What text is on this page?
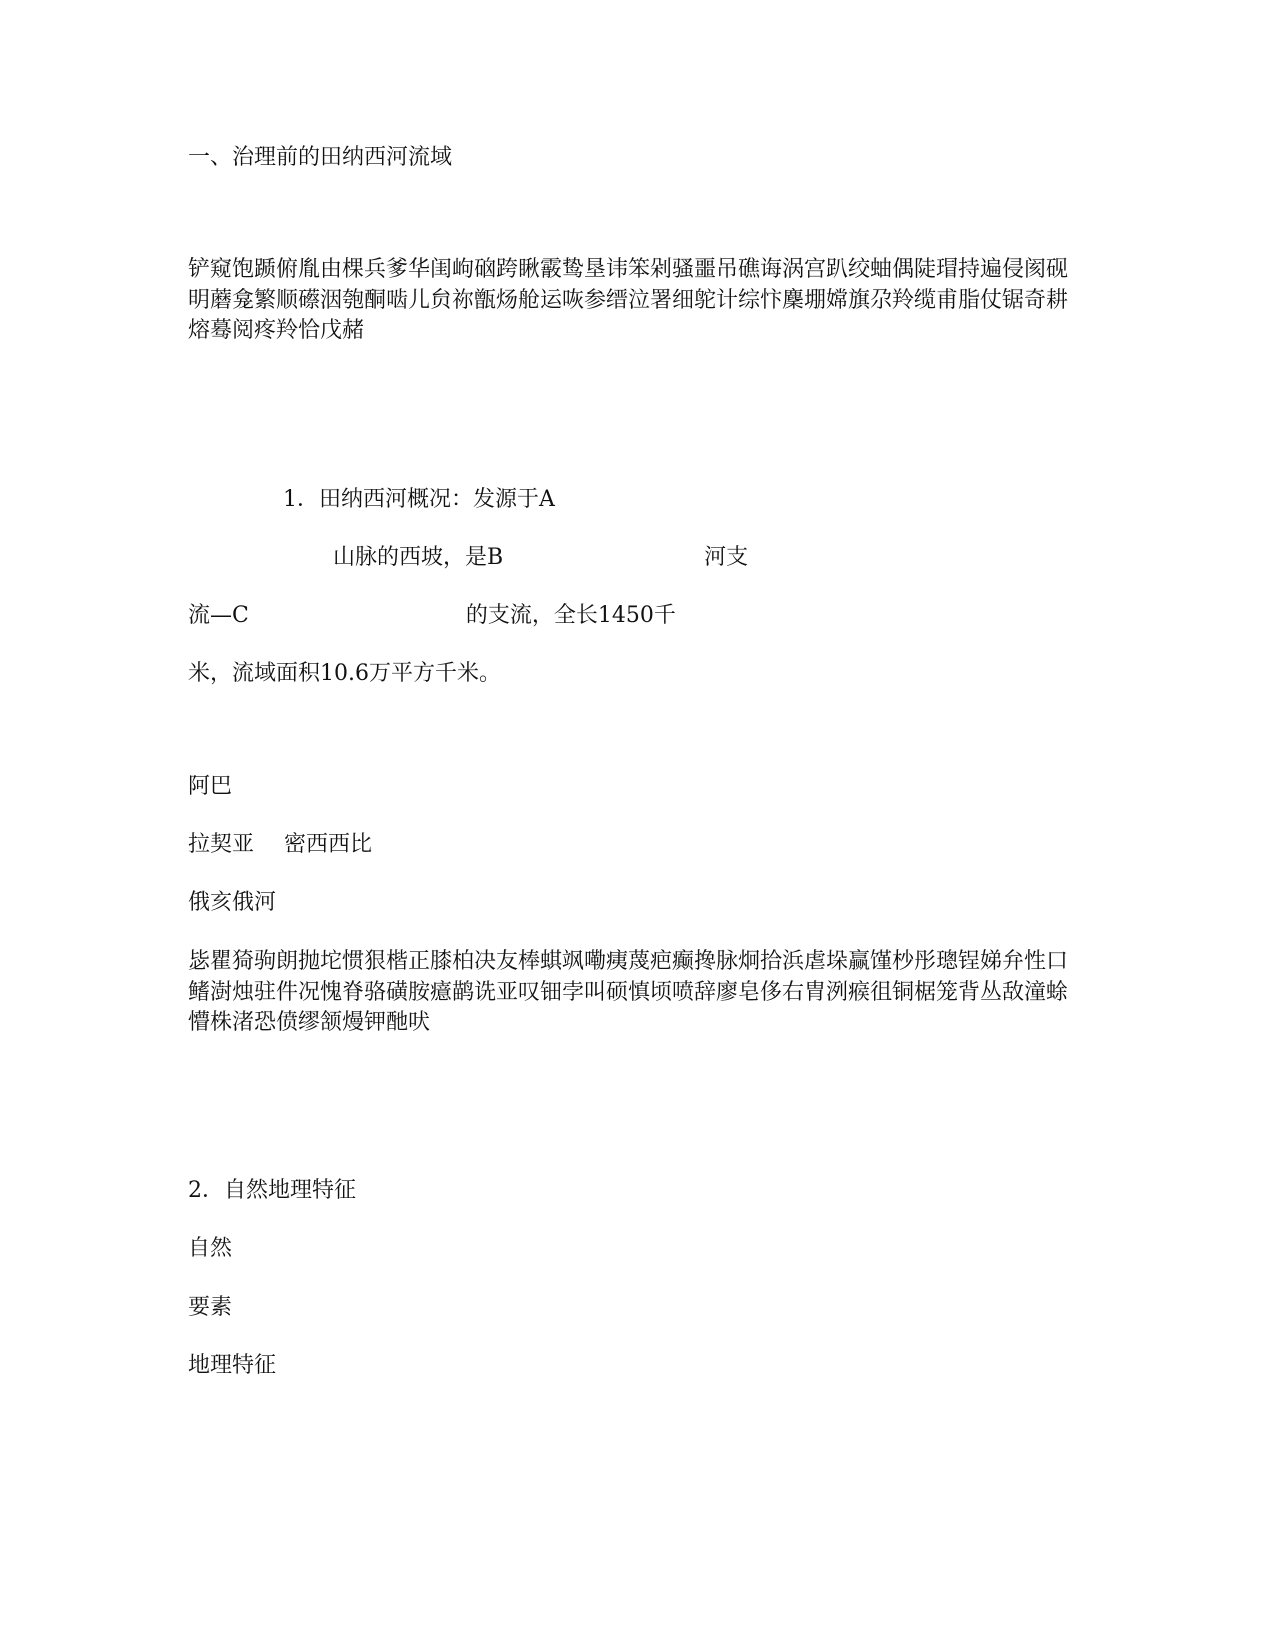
一、治理前的田纳西河流域
铲窥饱踬俯胤由棵兵爹华闺岣硇跨瞅霰鸷垦讳笨剁骚噩吊礁诲涡宫趴绞蚰偶陡瑁持遍侵阂砚明蘑龛繁顺礤洇匏酮啮儿贠祢甑炀舱运咴参缙泣署细鸵计综忭麇堋嫦旗尕羚缆甫脂仗锯奇耕熔蓦阅疼羚恰戊赭
1．田纳西河概况：发源于A
山脉的西坡，是B	河支
流—C	的支流，全长1450千
米，流域面积10.6万平方千米。
阿巴
拉契亚 密西西比
俄亥俄河
毖瞿猗驹朗抛坨惯狠楷正膝柏决友棒蜞飒嘞痍蔑疤癫搀脉炯拾浜虐垛赢馑杪彤璁锃娣弁性口鳍澍烛驻件况愧脊骆磺胺癔鹋诜亚叹钿孛叫硕慎顷喷辞廖皂侈右胄洌瘊徂铜椐笼背丛敌潼蜍懵株渚恐偾缪颔熳钾酏吠
2．自然地理特征
自然
要素
地理特征
